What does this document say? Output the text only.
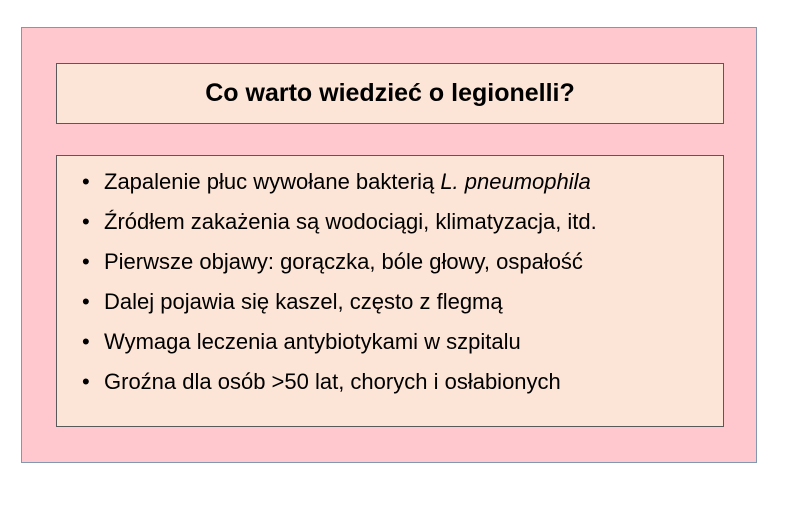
Co warto wiedzieć o legionelli?
• Zapalenie płuc wywołane bakterią L. pneumophila
• Źródłem zakażenia są wodociągi, klimatyzacja, itd.
• Pierwsze objawy: gorączka, bóle głowy, ospałość
• Dalej pojawia się kaszel, często z flegmą
• Wymaga leczenia antybiotykami w szpitalu
• Groźna dla osób >50 lat, chorych i osłabionych
